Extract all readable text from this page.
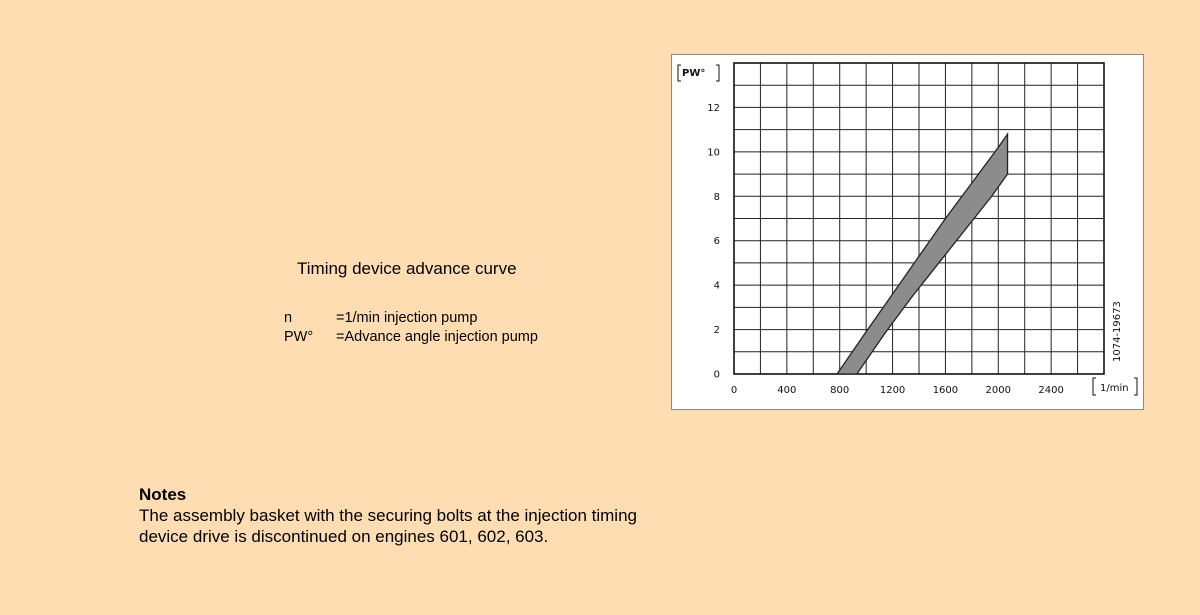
Timing device advance curve
n	=1/min injection pump
PW°	=Advance angle injection pump
0
2
4
6
8
10
12
0	400	800	1200	1600	2000	2400
PW°
1/min
1074-19673
Notes
The assembly basket with the securing bolts at the injection timing device drive is discontinued on engines 601, 602, 603.
